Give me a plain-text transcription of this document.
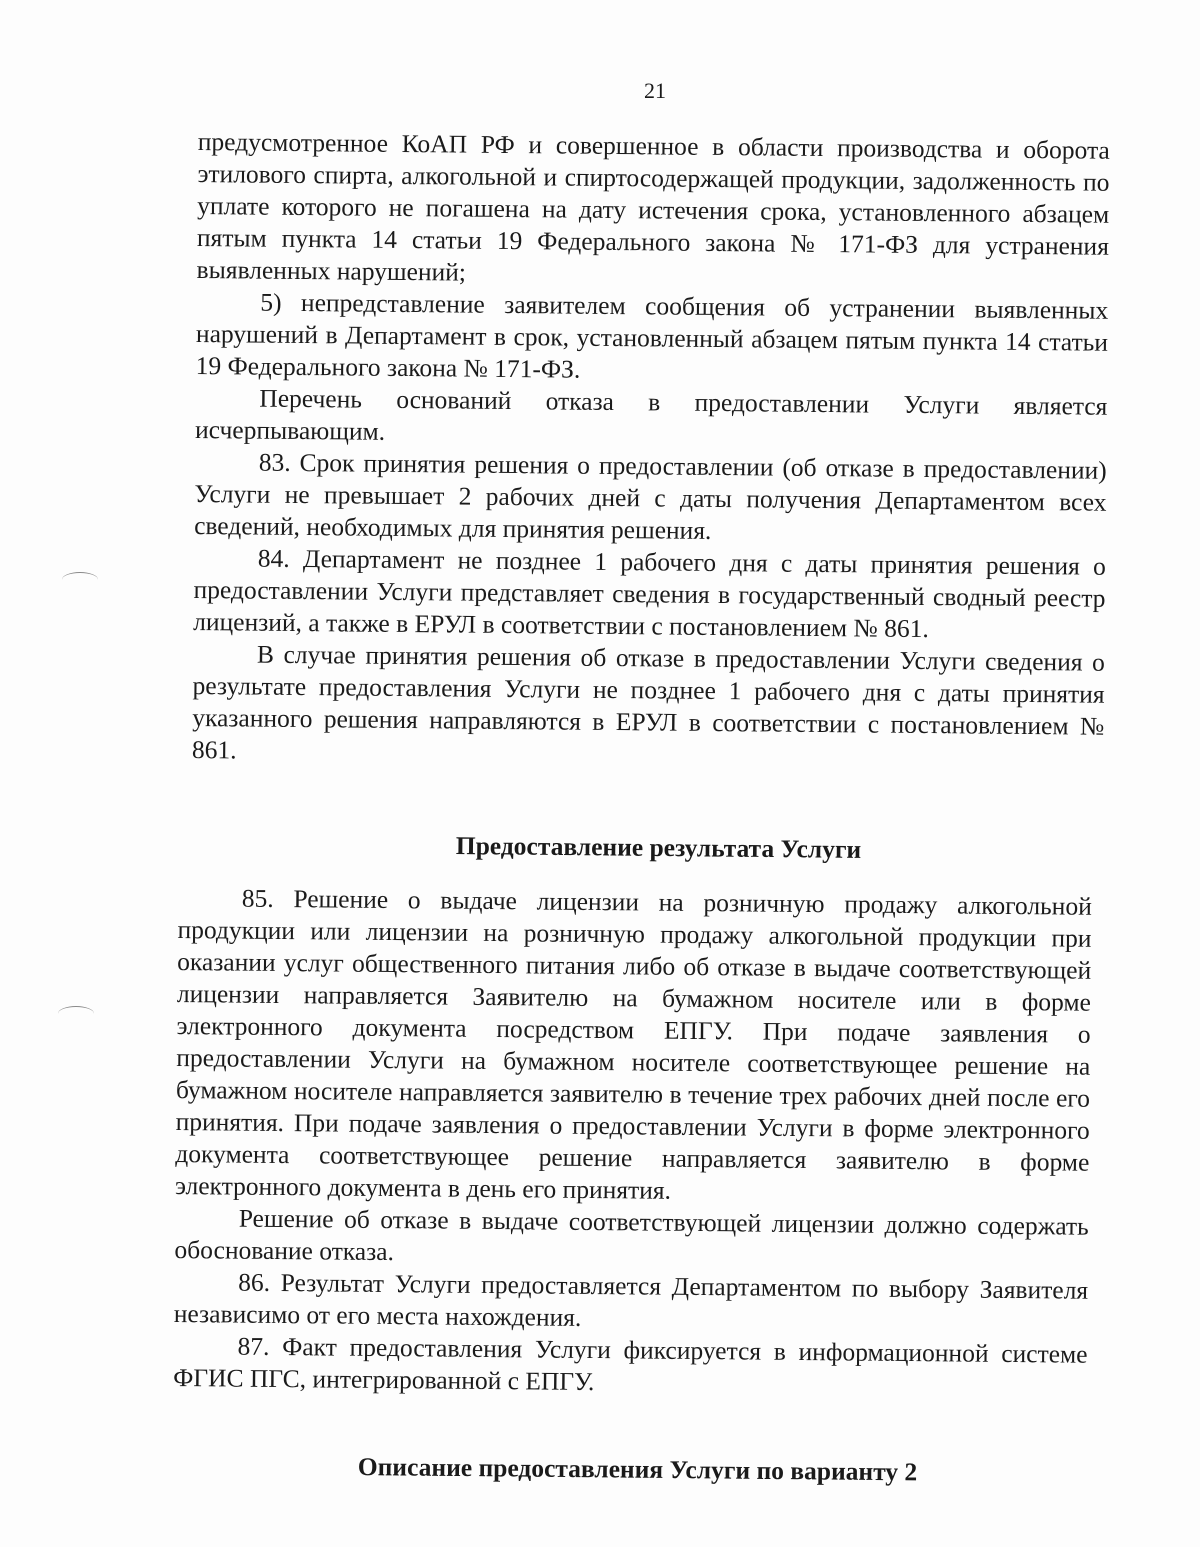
21

предусмотренное КоАП РФ и совершенное в области производства и оборота этилового спирта, алкогольной и спиртосодержащей продукции, задолженность по уплате которого не погашена на дату истечения срока, установленного абзацем пятым пункта 14 статьи 19 Федерального закона № 171-ФЗ для устранения выявленных нарушений;

5) непредставление заявителем сообщения об устранении выявленных нарушений в Департамент в срок, установленный абзацем пятым пункта 14 статьи 19 Федерального закона № 171-ФЗ.

Перечень оснований отказа в предоставлении Услуги является исчерпывающим.

83. Срок принятия решения о предоставлении (об отказе в предоставлении) Услуги не превышает 2 рабочих дней с даты получения Департаментом всех сведений, необходимых для принятия решения.

84. Департамент не позднее 1 рабочего дня с даты принятия решения о предоставлении Услуги представляет сведения в государственный сводный реестр лицензий, а также в ЕРУЛ в соответствии с постановлением № 861.

В случае принятия решения об отказе в предоставлении Услуги сведения о результате предоставления Услуги не позднее 1 рабочего дня с даты принятия указанного решения направляются в ЕРУЛ в соответствии с постановлением № 861.

Предоставление результата Услуги

85. Решение о выдаче лицензии на розничную продажу алкогольной продукции или лицензии на розничную продажу алкогольной продукции при оказании услуг общественного питания либо об отказе в выдаче соответствующей лицензии направляется Заявителю на бумажном носителе или в форме электронного документа посредством ЕПГУ. При подаче заявления о предоставлении Услуги на бумажном носителе соответствующее решение на бумажном носителе направляется заявителю в течение трех рабочих дней после его принятия. При подаче заявления о предоставлении Услуги в форме электронного документа соответствующее решение направляется заявителю в форме электронного документа в день его принятия.

Решение об отказе в выдаче соответствующей лицензии должно содержать обоснование отказа.

86. Результат Услуги предоставляется Департаментом по выбору Заявителя независимо от его места нахождения.

87. Факт предоставления Услуги фиксируется в информационной системе ФГИС ПГС, интегрированной с ЕПГУ.

Описание предоставления Услуги по варианту 2
